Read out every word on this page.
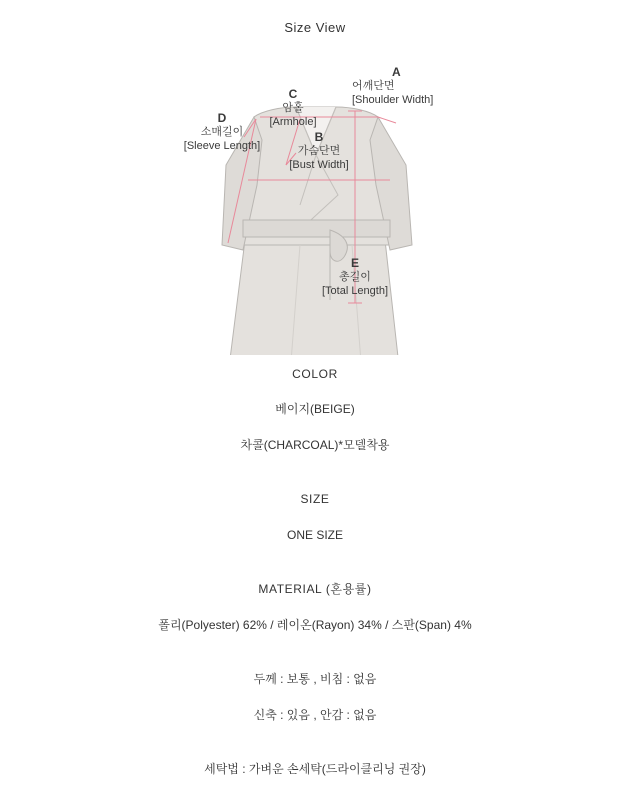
Size View
A
어깨단면
[Shoulder Width]
C
암홀
[Armhole]
D
소매길이
[Sleeve Length]
B
가슴단면
[Bust Width]
E
총길이
[Total Length]
COLOR
베이지(BEIGE)
차콜(CHARCOAL)*모델착용
SIZE
ONE SIZE
MATERIAL (혼용률)
폴리(Polyester) 62% / 레이온(Rayon) 34% / 스판(Span) 4%
두께 : 보통 , 비침 : 없음
신축 : 있음 , 안감 : 없음
세탁법 : 가벼운 손세탁(드라이클리닝 권장)
